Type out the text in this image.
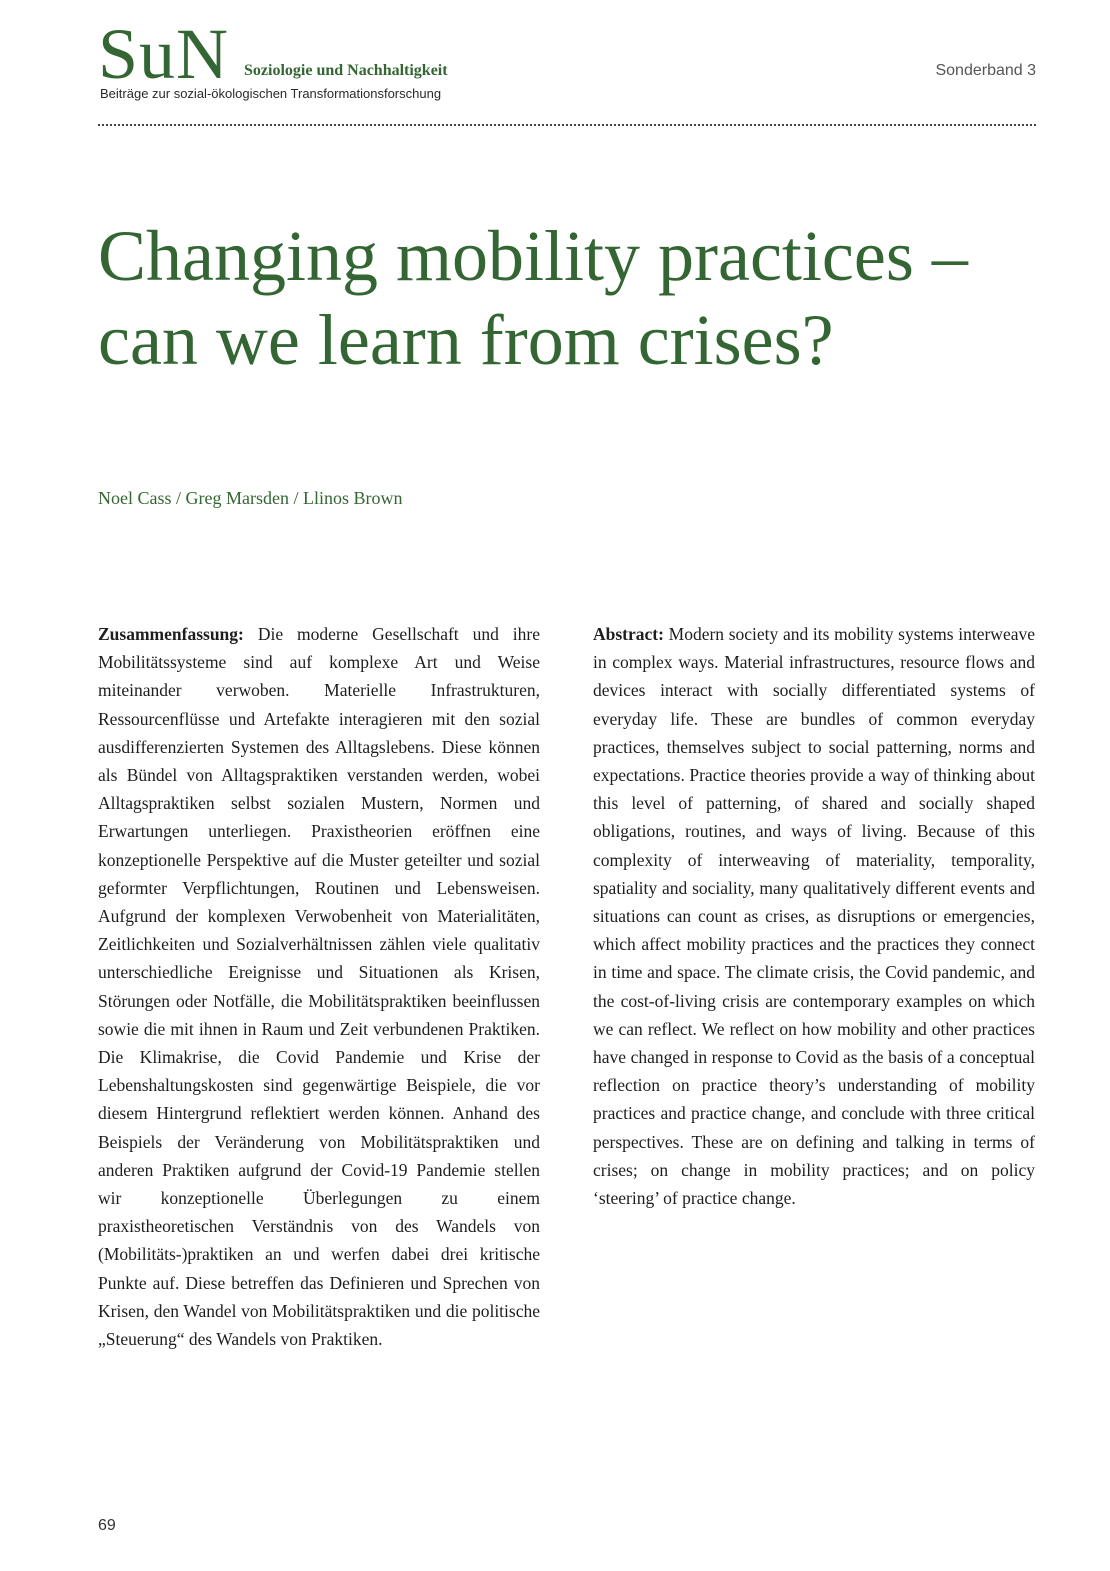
SuN Soziologie und Nachhaltigkeit
Beiträge zur sozial-ökologischen Transformationsforschung
Sonderband 3
Changing mobility practices – can we learn from crises?
Noel Cass / Greg Marsden / Llinos Brown

Zusammenfassung: Die moderne Gesellschaft und ihre Mobilitätssysteme sind auf komplexe Art und Weise miteinander verwoben. Materielle Infrastrukturen, Ressourcenflüsse und Artefakte interagieren mit den sozial ausdifferenzierten Systemen des Alltagslebens. Diese können als Bündel von Alltagspraktiken verstanden werden, wobei Alltagspraktiken selbst sozialen Mustern, Normen und Erwartungen unterliegen. Praxistheorien eröffnen eine konzeptionelle Perspektive auf die Muster geteilter und sozial geformter Verpflichtungen, Routinen und Lebensweisen. Aufgrund der komplexen Verwobenheit von Materialitäten, Zeitlichkeiten und Sozialverhältnissen zählen viele qualitativ unterschiedliche Ereignisse und Situationen als Krisen, Störungen oder Notfälle, die Mobilitätspraktiken beeinflussen sowie die mit ihnen in Raum und Zeit verbundenen Praktiken. Die Klimakrise, die Covid Pandemie und Krise der Lebenshaltungskosten sind gegenwärtige Beispiele, die vor diesem Hintergrund reflektiert werden können. Anhand des Beispiels der Veränderung von Mobilitätspraktiken und anderen Praktiken aufgrund der Covid-19 Pandemie stellen wir konzeptionelle Überlegungen zu einem praxistheoretischen Verständnis von des Wandels von (Mobilitäts-)praktiken an und werfen dabei drei kritische Punkte auf. Diese betreffen das Definieren und Sprechen von Krisen, den Wandel von Mobilitätspraktiken und die politische „Steuerung“ des Wandels von Praktiken.

Abstract: Modern society and its mobility systems interweave in complex ways. Material infrastructures, resource flows and devices interact with socially differentiated systems of everyday life. These are bundles of common everyday practices, themselves subject to social patterning, norms and expectations. Practice theories provide a way of thinking about this level of patterning, of shared and socially shaped obligations, routines, and ways of living. Because of this complexity of interweaving of materiality, temporality, spatiality and sociality, many qualitatively different events and situations can count as crises, as disruptions or emergencies, which affect mobility practices and the practices they connect in time and space. The climate crisis, the Covid pandemic, and the cost-of-living crisis are contemporary examples on which we can reflect. We reflect on how mobility and other practices have changed in response to Covid as the basis of a conceptual reflection on practice theory’s understanding of mobility practices and practice change, and conclude with three critical perspectives. These are on defining and talking in terms of crises; on change in mobility practices; and on policy ‘steering’ of practice change.

69
